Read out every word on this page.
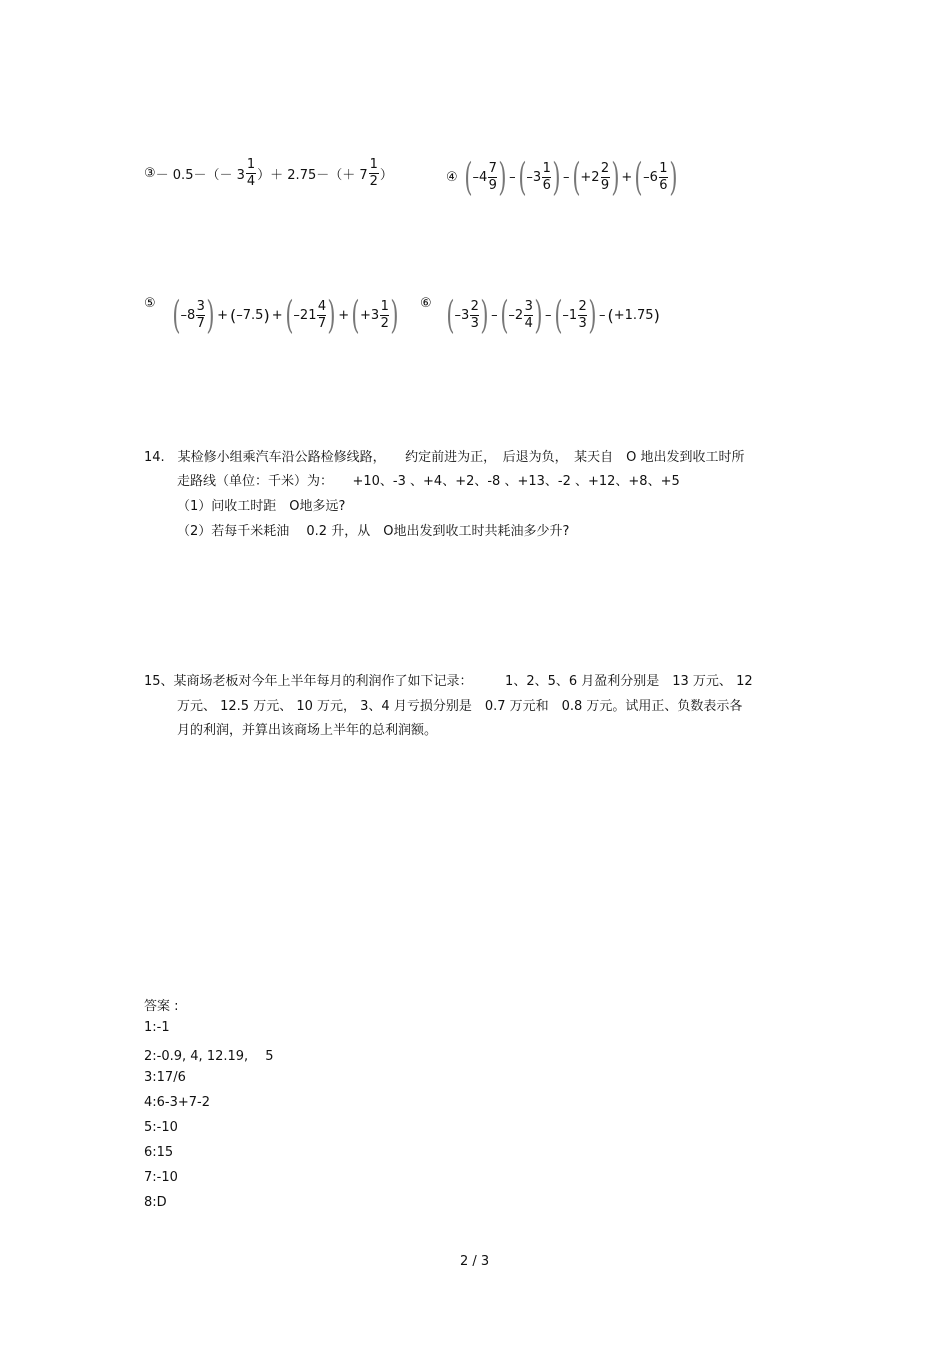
③ － $0.5-(- 3 \frac{1}{4}$ ）＋ $2.75-(+ 7 \frac{1}{2}$ ）	④ ( $-4 \frac{7}{9}$ ) – ( $-3 \frac{1}{6}$ ) – ( $+2 \frac{2}{9}$ ) + ( $-6 \frac{1}{6}$ )
⑤ ( $-8 \frac{3}{7}$ ) + ( –7.5 ) + ( $-21 \frac{4}{7}$ ) + ( $+3 \frac{1}{2}$ ) ⑥ ( $-3 \frac{2}{3}$ ) – ( $-2 \frac{3}{4}$ ) – ( $-1 \frac{2}{3}$ ) – ( +1.75 )
14.　某检修小组乘汽车沿公路检修线路，　　约定前进为正，　后退为负，　某天自　O 地出发到收工时所
走路线（单位：千米）为：　　+10、-3 、+4、+2、-8 、+13、-2 、+12、+8、+5
（1）问收工时距　O地多远?
（2）若每千米耗油　 0.2 升，从　O地出发到收工时共耗油多少升?
15、某商场老板对今年上半年每月的利润作了如下记录：　　　1、2、5、6 月盈利分别是　13 万元、 12
万元、 12.5 万元、 10 万元， 3、4 月亏损分别是　0.7 万元和　0.8 万元。试用正、负数表示各
月的利润，并算出该商场上半年的总利润额。
答案 :
1:-1
2:-0.9, 4, 12.19,　 5
3:17/6
4:6-3+7-2
5:-10
6:15
7:-10
8:D
2 / 3
